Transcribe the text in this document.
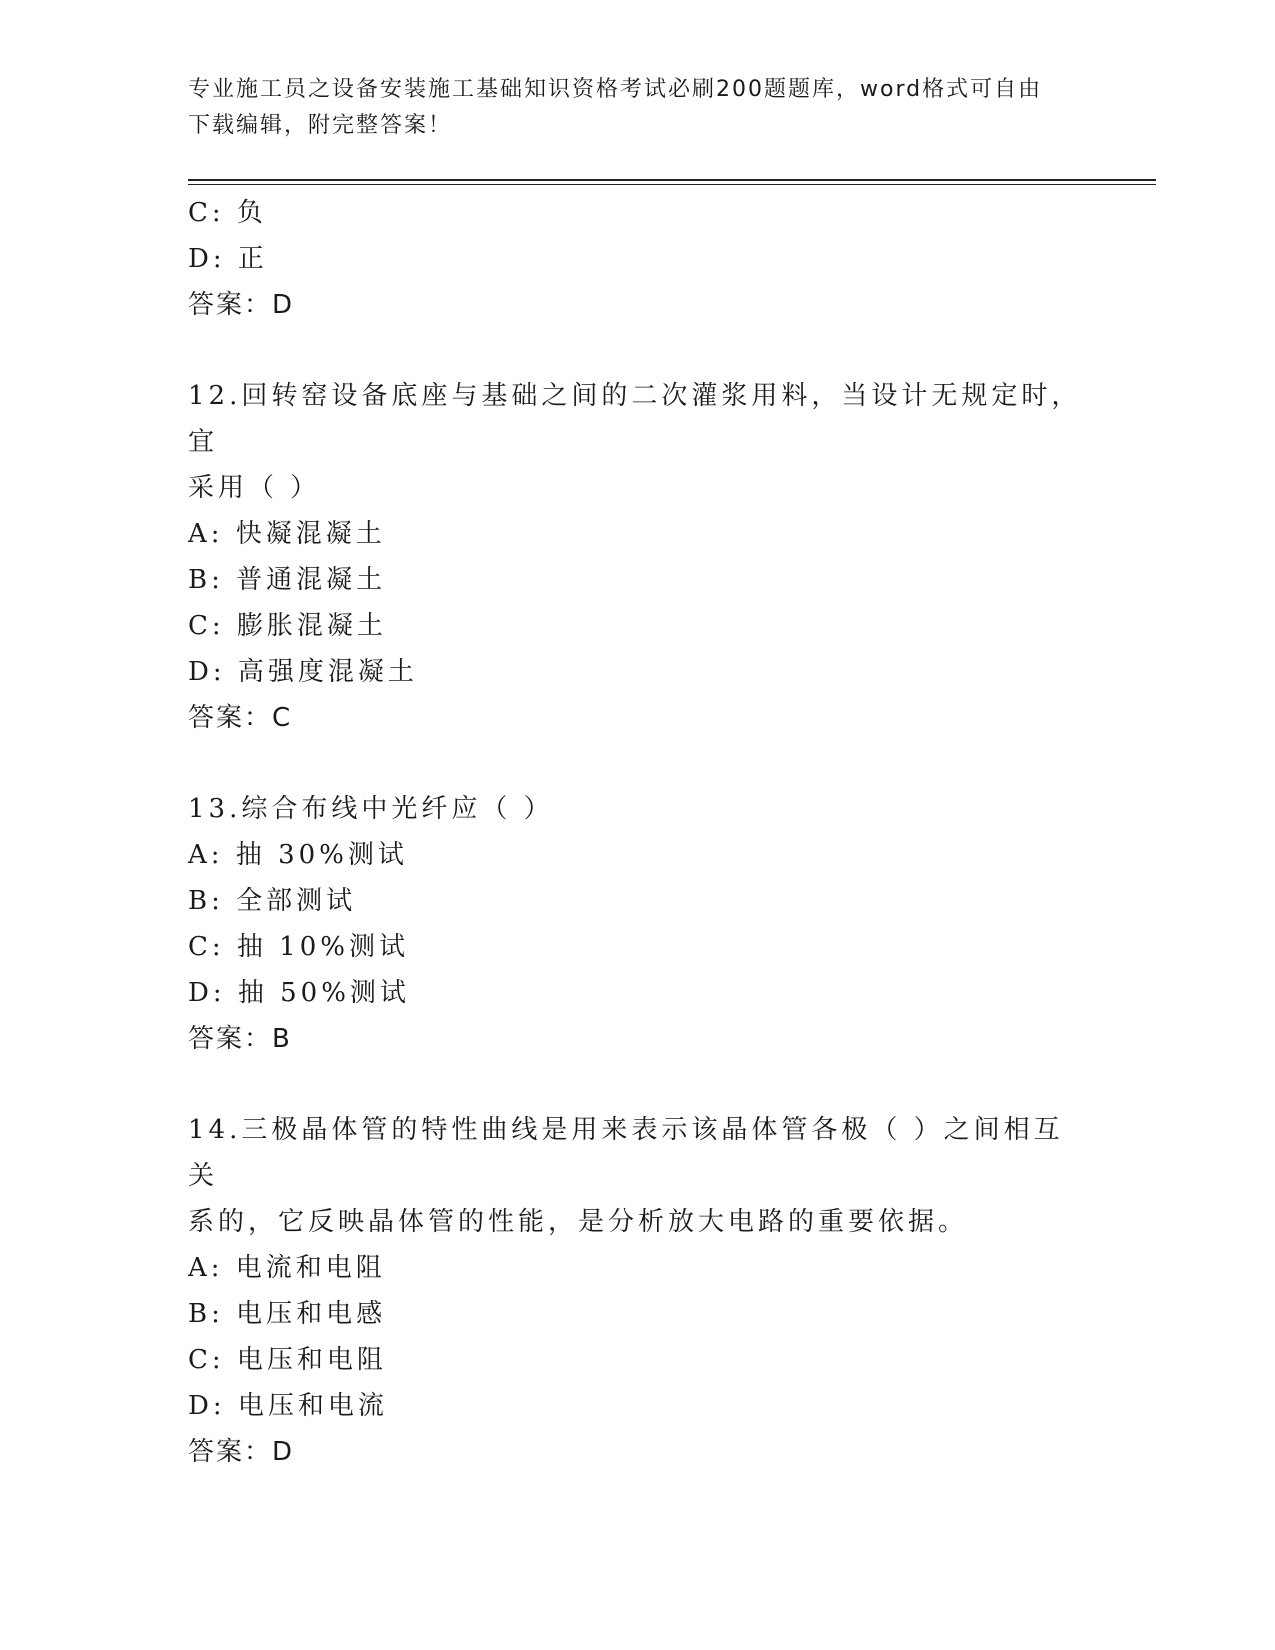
专业施工员之设备安装施工基础知识资格考试必刷200题题库，word格式可自由
下载编辑，附完整答案！
C: 负
D: 正
答案：D
12.回转窑设备底座与基础之间的二次灌浆用料，当设计无规定时，宜
采用（ ）
A: 快凝混凝土
B: 普通混凝土
C: 膨胀混凝土
D: 高强度混凝土
答案：C
13.综合布线中光纤应（ ）
A: 抽 30%测试
B: 全部测试
C: 抽 10%测试
D: 抽 50%测试
答案：B
14.三极晶体管的特性曲线是用来表示该晶体管各极（ ）之间相互关
系的，它反映晶体管的性能，是分析放大电路的重要依据。
A: 电流和电阻
B: 电压和电感
C: 电压和电阻
D: 电压和电流
答案：D
